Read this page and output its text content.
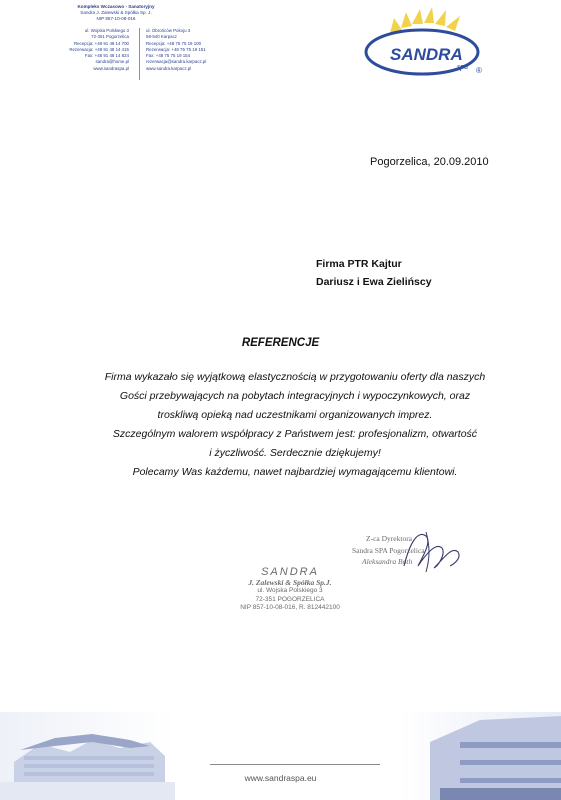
Kompleks Wczasowo - Sanatoryjny
Sandra J. Zalewski & Spółka Sp. J.
NIP 857-10-08-016
ul. Wojska Polskiego 3
72-351 Pogorzelica
Recepcja: +48 91 48 14 700
Rezerwacja: +48 91 48 14 415
Fax: +48 91 48 14 824
sandra@home.pl
www.sandraspa.pl
ul. Obrońców Pokoju 3
58-540 Karpacz
Recepcja: +48 75 75 19 100
Rezerwacja: +48 75 75 19 151
Fax: +48 75 75 19 154
rezerwacja@sandra.karpacz.pl
www.sandra.karpacz.pl
SANDRA
spa ®
Pogorzelica, 20.09.2010
Firma PTR Kajtur
Dariusz i Ewa Zielińscy
REFERENCJE
Firma wykazało się wyjątkową elastycznością w przygotowaniu oferty dla naszych
Gości przebywających na pobytach integracyjnych i wypoczynkowych, oraz
troskliwą opieką nad uczestnikami organizowanych imprez.
Szczególnym walorem współpracy z Państwem jest: profesjonalizm, otwartość
i życzliwość. Serdecznie dziękujemy!
Polecamy Was każdemu, nawet najbardziej wymagającemu klientowi.
SANDRA
J. Zalewski & Spółka Sp.J.
ul. Wojska Polskiego 3
72-351 POGORZELICA
NIP 857-10-08-016, R. 812442100
Z-ca Dyrektora
Sandra SPA Pogorzelica
Aleksandra Both
www.sandraspa.eu
